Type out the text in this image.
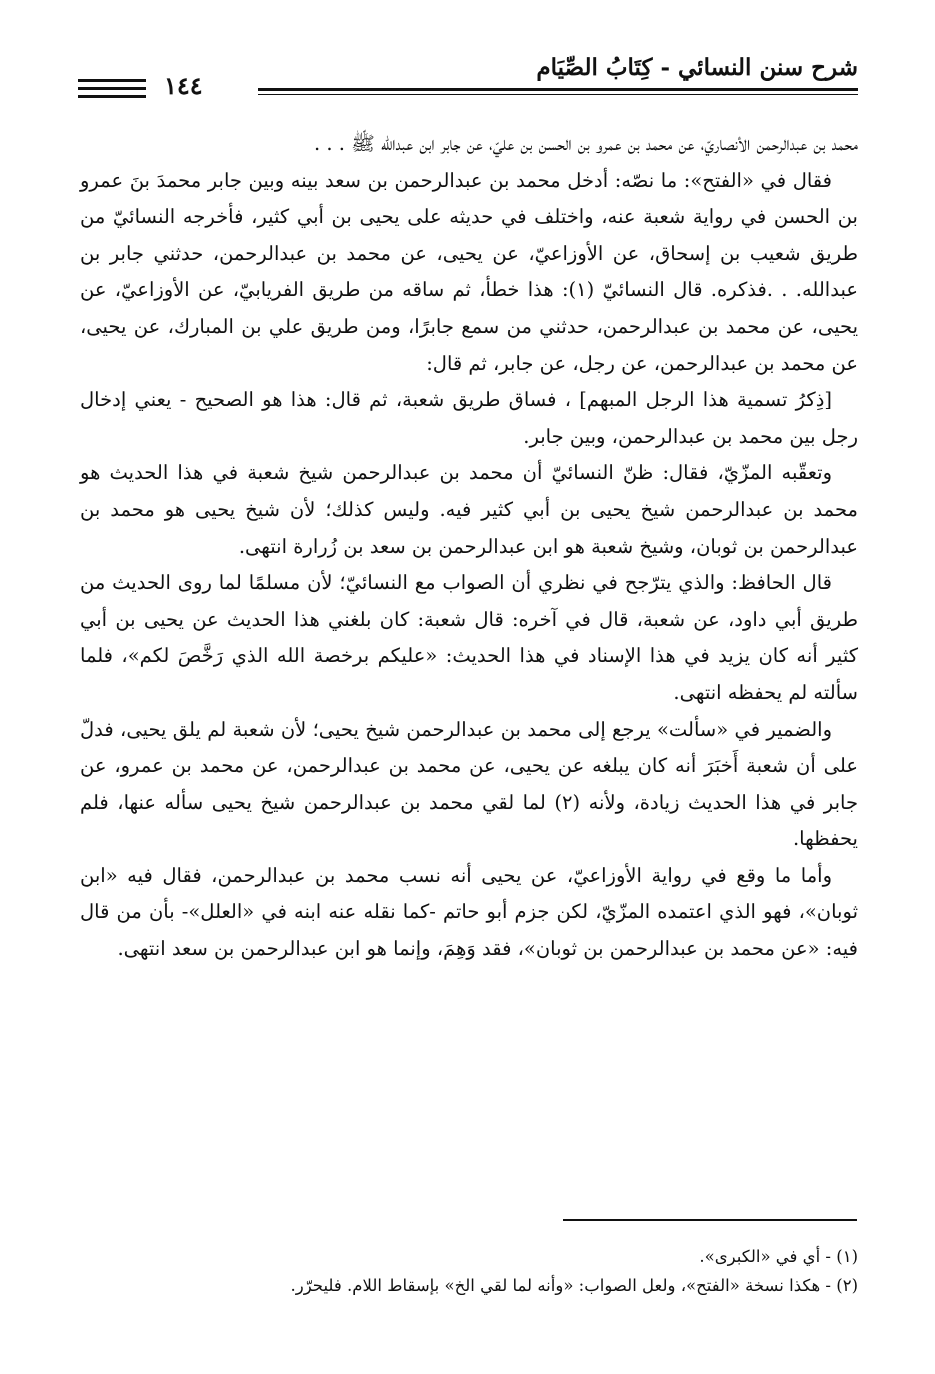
شرح سنن النسائي - كِتَابُ الصِّيَام
١٤٤

محمد بن عبدالرحمن الأنصاريّ، عن محمد بن عمرو بن الحسن بن عليّ، عن جابر ابن عبدالله ﷺ . . .

فقال في «الفتح»: ما نصّه: أدخل محمد بن عبدالرحمن بن سعد بينه وبين جابر محمدَ بنَ عمرو بن الحسن في رواية شعبة عنه، واختلف في حديثه على يحيى بن أبي كثير، فأخرجه النسائيّ من طريق شعيب بن إسحاق، عن الأوزاعيّ، عن يحيى، عن محمد بن عبدالرحمن، حدثني جابر بن عبدالله. . .فذكره. قال النسائيّ (١): هذا خطأ، ثم ساقه من طريق الفريابيّ، عن الأوزاعيّ، عن يحيى، عن محمد بن عبدالرحمن، حدثني من سمع جابرًا، ومن طريق علي بن المبارك، عن يحيى، عن محمد بن عبدالرحمن، عن رجل، عن جابر، ثم قال:

[ذِكرُ تسمية هذا الرجل المبهم] ، فساق طريق شعبة، ثم قال: هذا هو الصحيح - يعني إدخال رجل بين محمد بن عبدالرحمن، وبين جابر.

وتعقّبه المزّيّ، فقال: ظنّ النسائيّ أن محمد بن عبدالرحمن شيخ شعبة في هذا الحديث هو محمد بن عبدالرحمن شيخ يحيى بن أبي كثير فيه. وليس كذلك؛ لأن شيخ يحيى هو محمد بن عبدالرحمن بن ثوبان، وشيخ شعبة هو ابن عبدالرحمن بن سعد بن زُرارة انتهى.

قال الحافظ: والذي يترّجح في نظري أن الصواب مع النسائيّ؛ لأن مسلمًا لما روى الحديث من طريق أبي داود، عن شعبة، قال في آخره: قال شعبة: كان بلغني هذا الحديث عن يحيى بن أبي كثير أنه كان يزيد في هذا الإسناد في هذا الحديث: «عليكم برخصة الله الذي رَخَّصَ لكم»، فلما سألته لم يحفظه انتهى.

والضمير في «سألت» يرجع إلى محمد بن عبدالرحمن شيخ يحيى؛ لأن شعبة لم يلق يحيى، فدلّ على أن شعبة أَخبَرَ أنه كان يبلغه عن يحيى، عن محمد بن عبدالرحمن، عن محمد بن عمرو، عن جابر في هذا الحديث زيادة، ولأنه (٢) لما لقي محمد بن عبدالرحمن شيخ يحيى سأله عنها، فلم يحفظها.

وأما ما وقع في رواية الأوزاعيّ، عن يحيى أنه نسب محمد بن عبدالرحمن، فقال فيه «ابن ثوبان»، فهو الذي اعتمده المزّيّ، لكن جزم أبو حاتم -كما نقله عنه ابنه في «العلل»- بأن من قال فيه: «عن محمد بن عبدالرحمن بن ثوبان»، فقد وَهِمَ، وإنما هو ابن عبدالرحمن بن سعد انتهى.

(١) - أي في «الكبرى».
(٢) - هكذا نسخة «الفتح»، ولعل الصواب: «وأنه لما لقي الخ» بإسقاط اللام. فليحرّر.
